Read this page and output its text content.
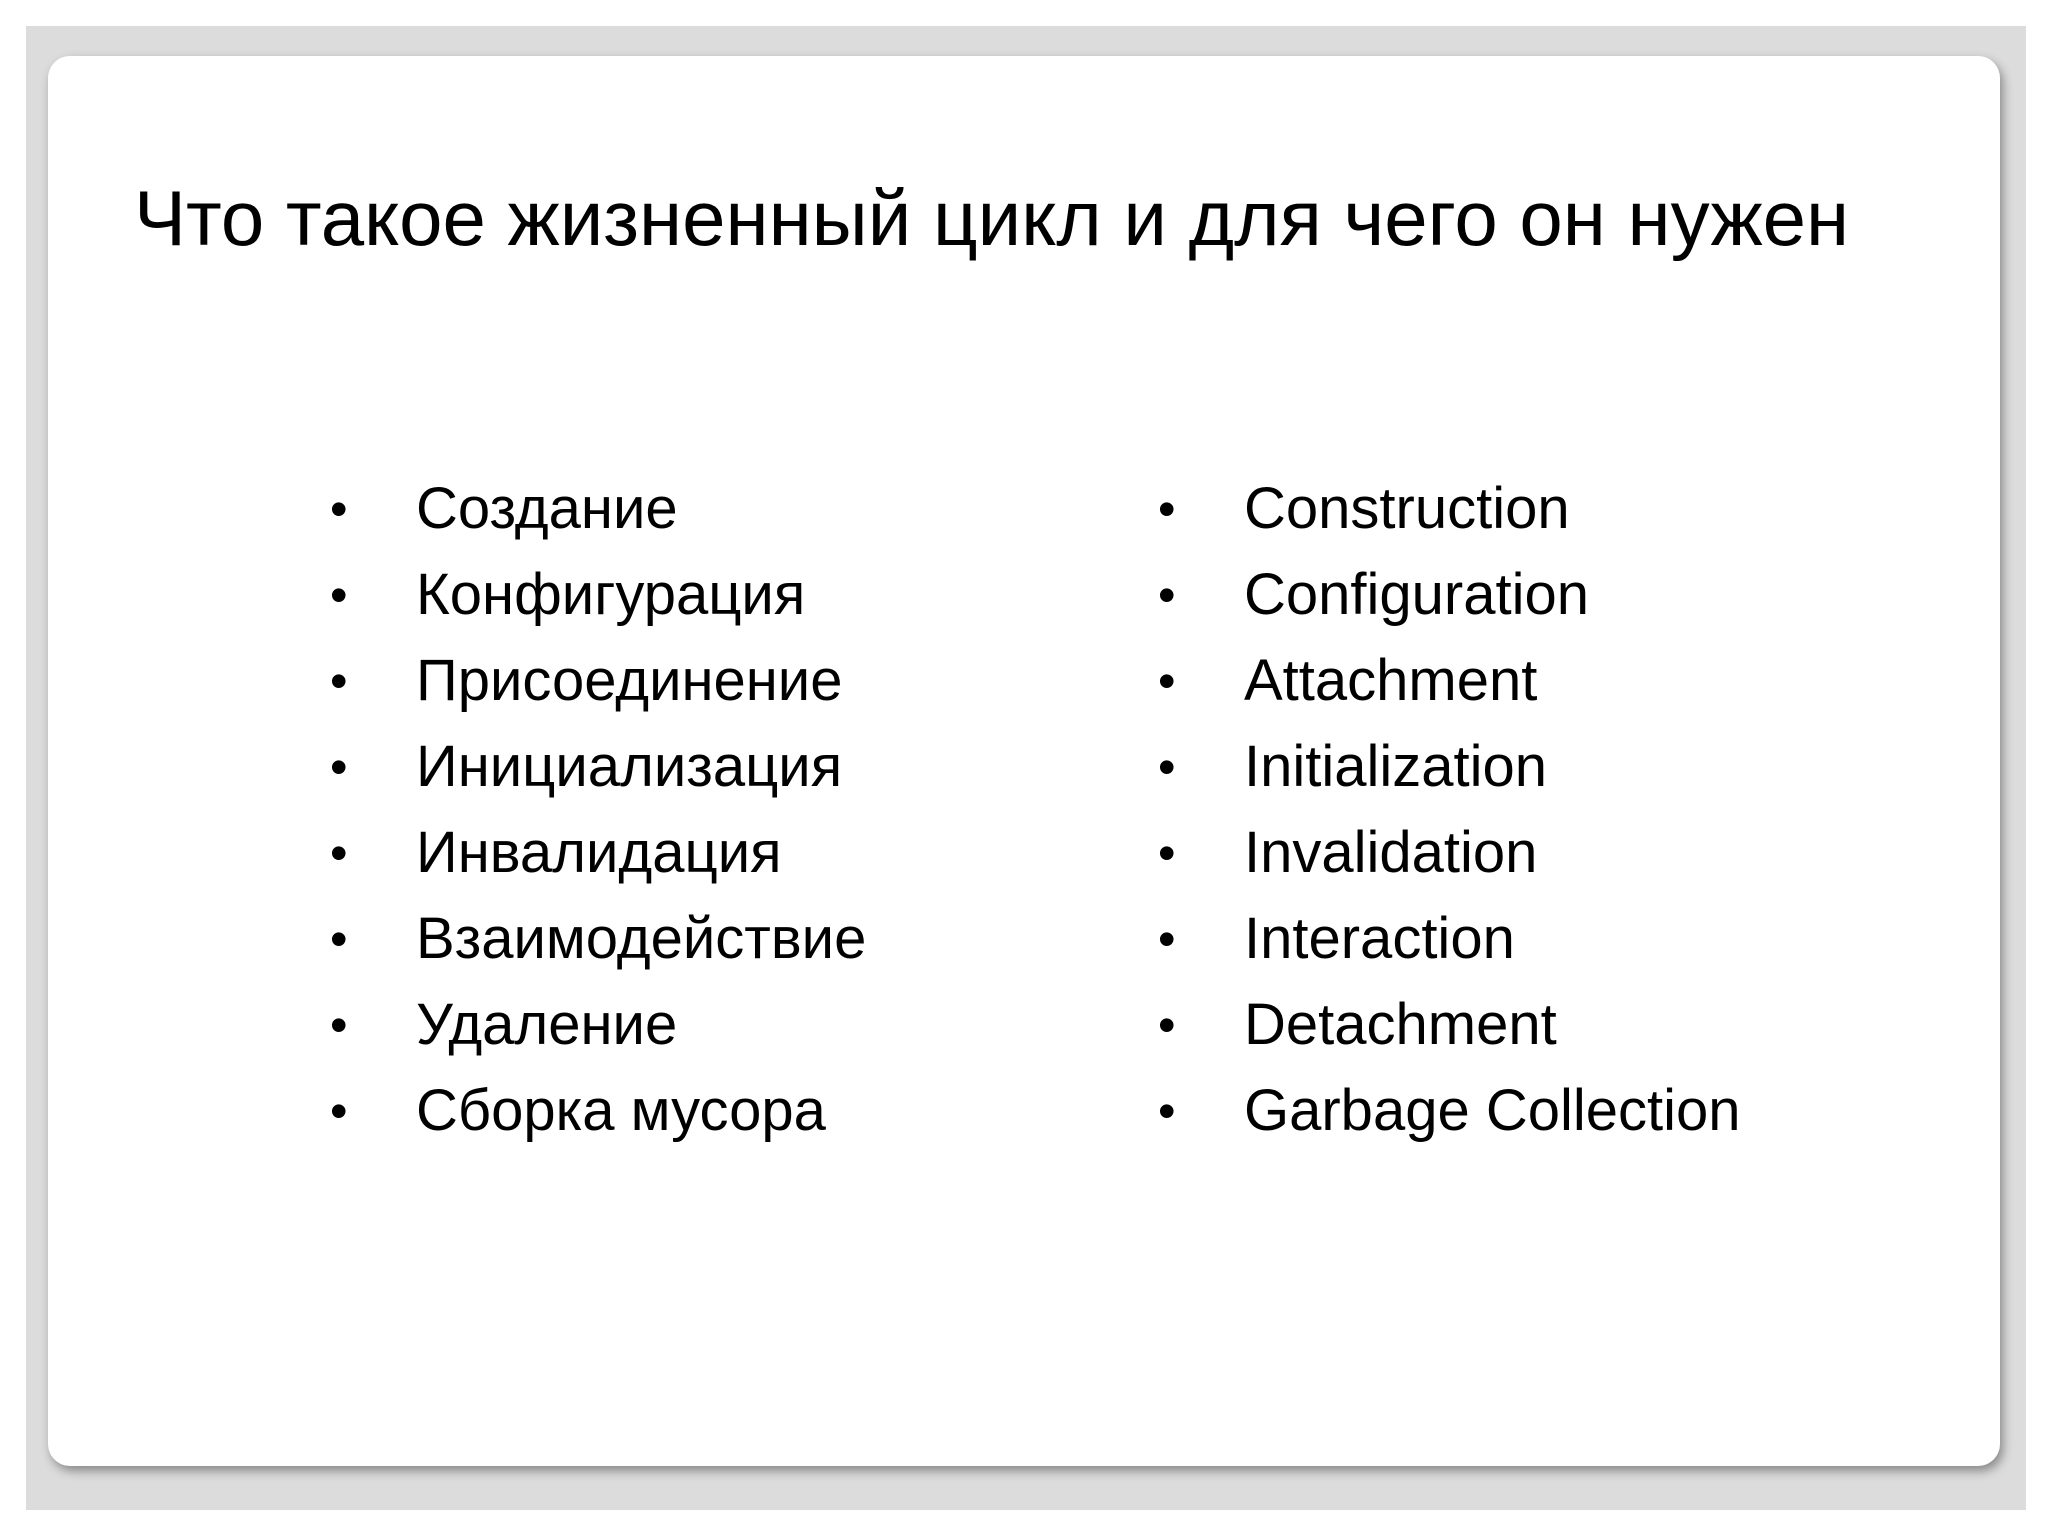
Что такое жизненный цикл и для чего он нужен
• Создание
• Конфигурация
• Присоединение
• Инициализация
• Инвалидация
• Взаимодействие
• Удаление
• Сборка мусора
• Construction
• Configuration
• Attachment
• Initialization
• Invalidation
• Interaction
• Detachment
• Garbage Collection
